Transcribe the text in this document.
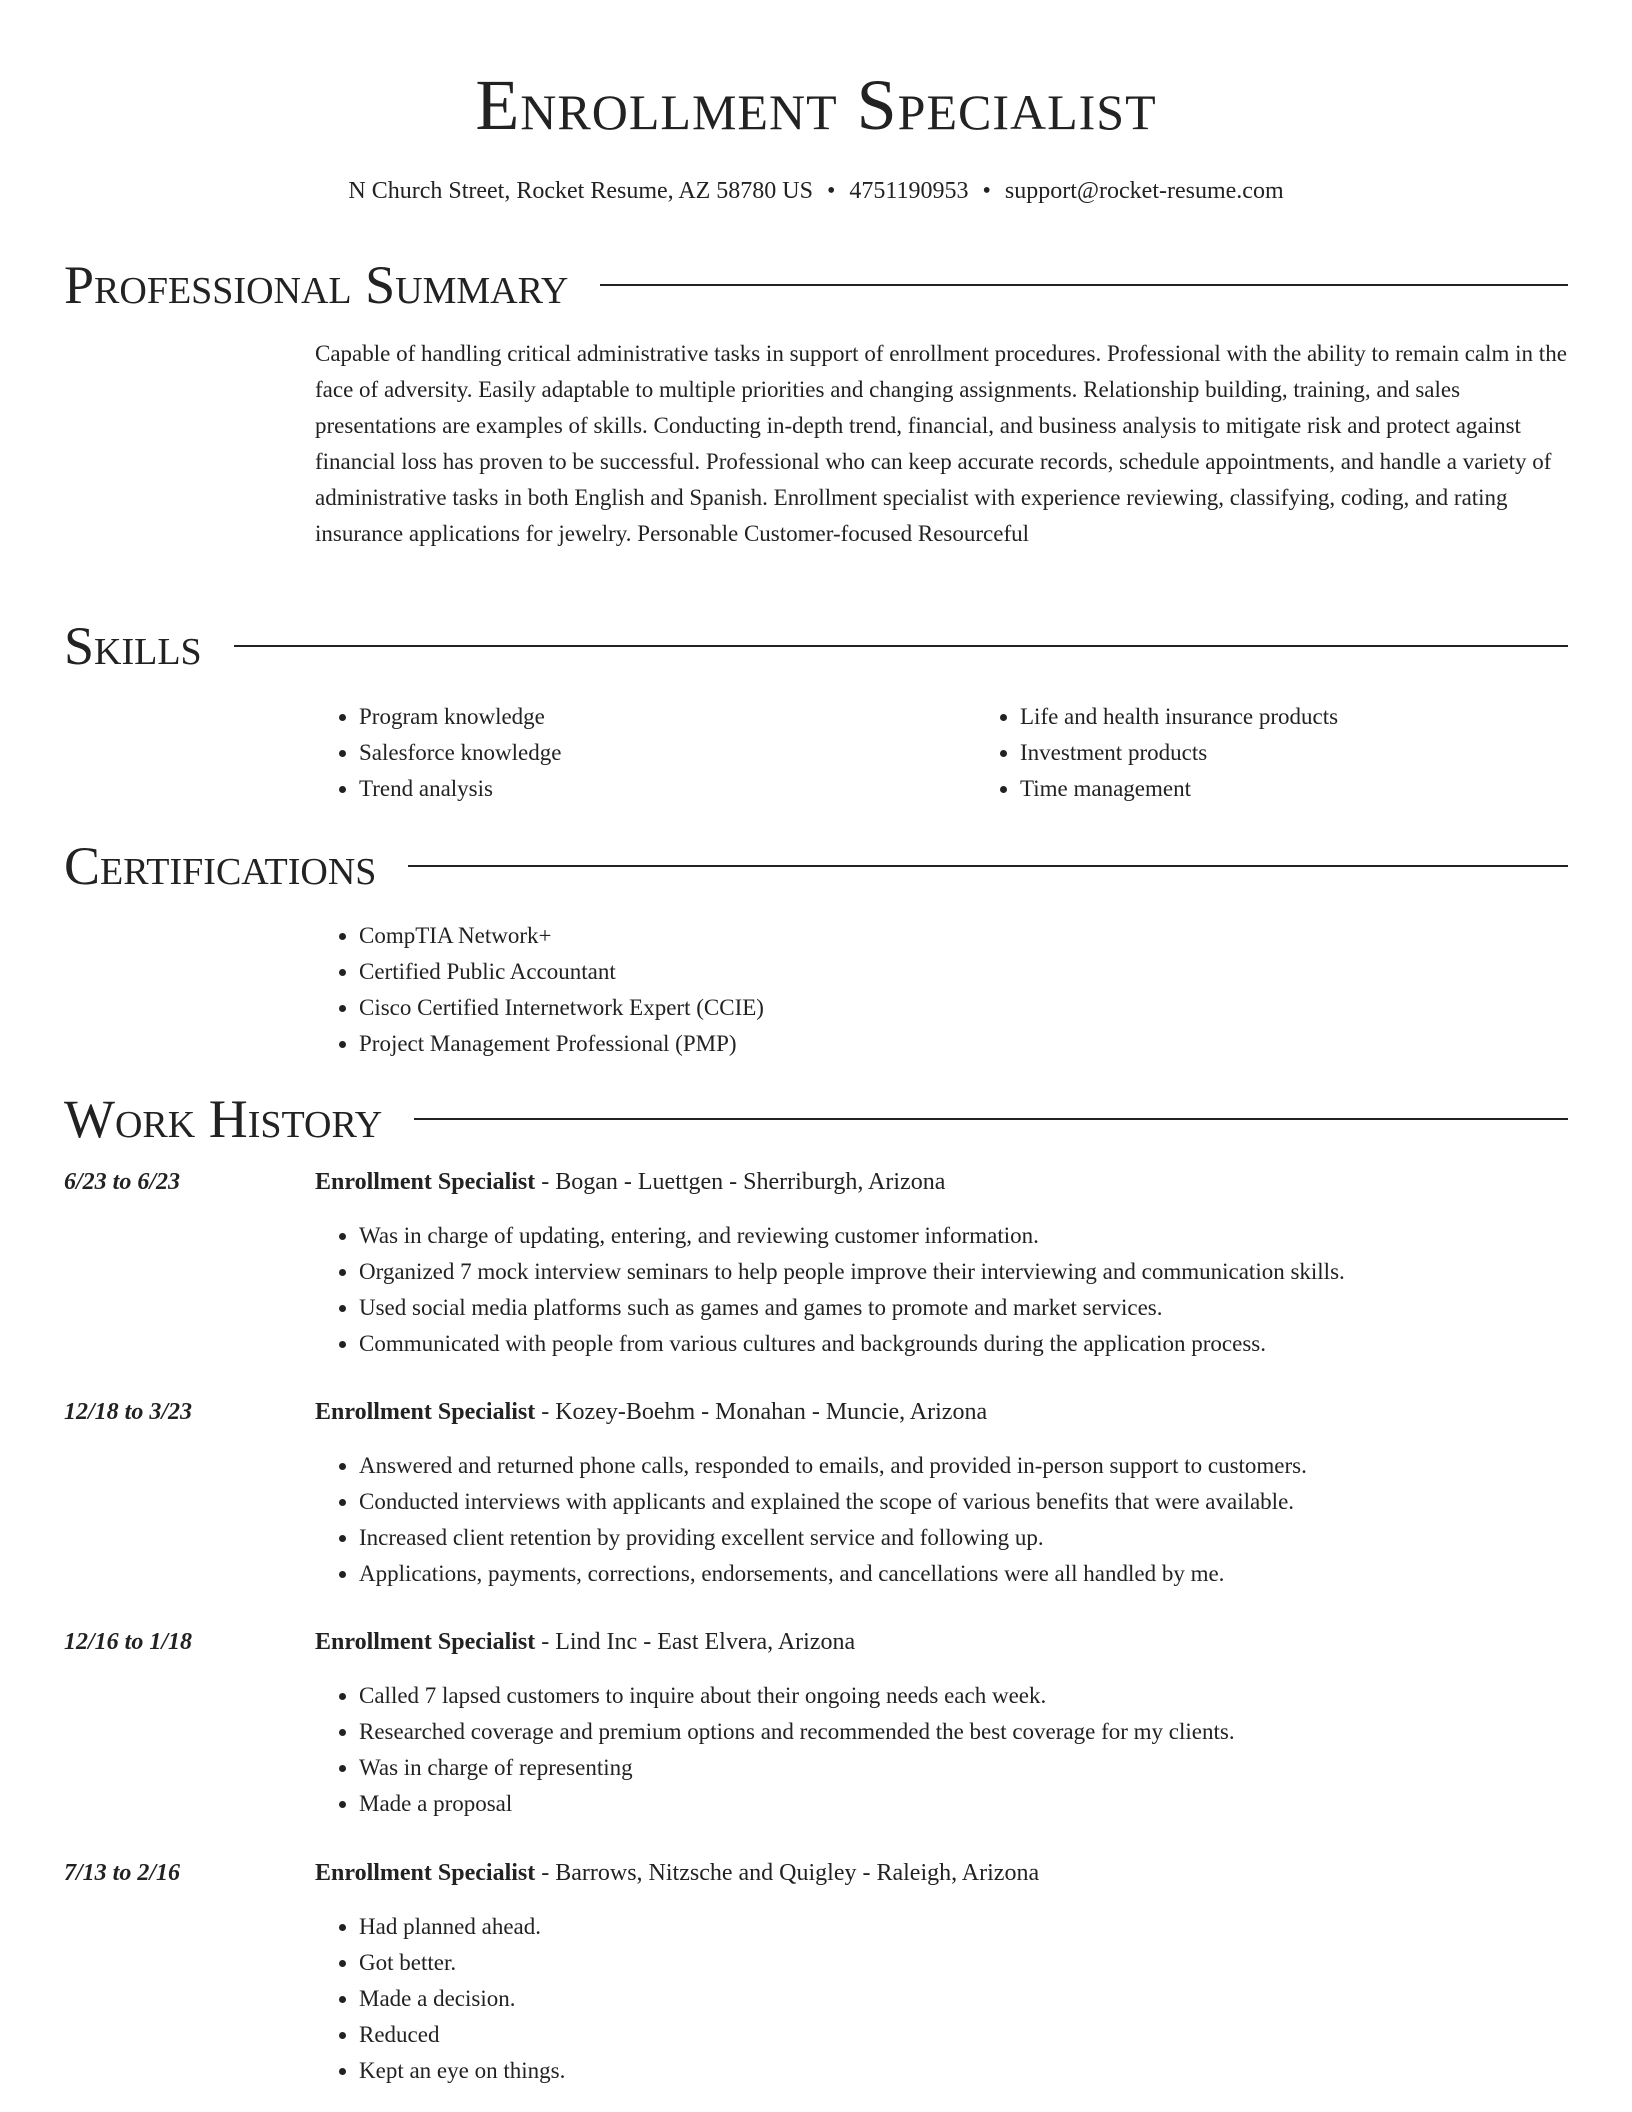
Enrollment Specialist
N Church Street, Rocket Resume, AZ 58780 US • 4751190953 • support@rocket-resume.com
Professional Summary
Capable of handling critical administrative tasks in support of enrollment procedures. Professional with the ability to remain calm in the face of adversity. Easily adaptable to multiple priorities and changing assignments. Relationship building, training, and sales presentations are examples of skills. Conducting in-depth trend, financial, and business analysis to mitigate risk and protect against financial loss has proven to be successful. Professional who can keep accurate records, schedule appointments, and handle a variety of administrative tasks in both English and Spanish. Enrollment specialist with experience reviewing, classifying, coding, and rating insurance applications for jewelry. Personable Customer-focused Resourceful
Skills
• Program knowledge
• Salesforce knowledge
• Trend analysis
• Life and health insurance products
• Investment products
• Time management
Certifications
• CompTIA Network+
• Certified Public Accountant
• Cisco Certified Internetwork Expert (CCIE)
• Project Management Professional (PMP)
Work History
6/23 to 6/23	Enrollment Specialist - Bogan - Luettgen - Sherriburgh, Arizona
• Was in charge of updating, entering, and reviewing customer information.
• Organized 7 mock interview seminars to help people improve their interviewing and communication skills.
• Used social media platforms such as games and games to promote and market services.
• Communicated with people from various cultures and backgrounds during the application process.
12/18 to 3/23	Enrollment Specialist - Kozey-Boehm - Monahan - Muncie, Arizona
• Answered and returned phone calls, responded to emails, and provided in-person support to customers.
• Conducted interviews with applicants and explained the scope of various benefits that were available.
• Increased client retention by providing excellent service and following up.
• Applications, payments, corrections, endorsements, and cancellations were all handled by me.
12/16 to 1/18	Enrollment Specialist - Lind Inc - East Elvera, Arizona
• Called 7 lapsed customers to inquire about their ongoing needs each week.
• Researched coverage and premium options and recommended the best coverage for my clients.
• Was in charge of representing
• Made a proposal
7/13 to 2/16	Enrollment Specialist - Barrows, Nitzsche and Quigley - Raleigh, Arizona
• Had planned ahead.
• Got better.
• Made a decision.
• Reduced
• Kept an eye on things.
